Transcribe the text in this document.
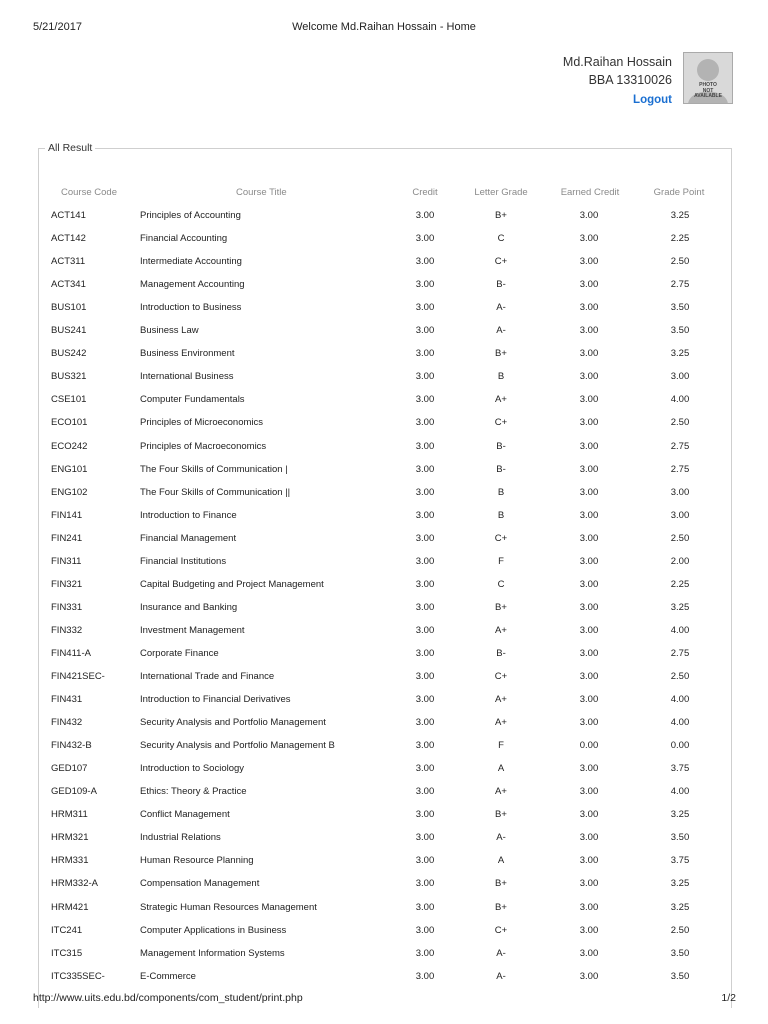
5/21/2017	Welcome Md.Raihan Hossain - Home
Md.Raihan Hossain
BBA 13310026
Logout
PHOTO
NOT
AVAILABLE
All Result
Course Code	Course Title	Credit	Letter Grade	Earned Credit	Grade Point
ACT141	Principles of Accounting	3.00	B+	3.00	3.25
ACT142	Financial Accounting	3.00	C	3.00	2.25
ACT311	Intermediate Accounting	3.00	C+	3.00	2.50
ACT341	Management Accounting	3.00	B-	3.00	2.75
BUS101	Introduction to Business	3.00	A-	3.00	3.50
BUS241	Business Law	3.00	A-	3.00	3.50
BUS242	Business Environment	3.00	B+	3.00	3.25
BUS321	International Business	3.00	B	3.00	3.00
CSE101	Computer Fundamentals	3.00	A+	3.00	4.00
ECO101	Principles of Microeconomics	3.00	C+	3.00	2.50
ECO242	Principles of Macroeconomics	3.00	B-	3.00	2.75
ENG101	The Four Skills of Communication |	3.00	B-	3.00	2.75
ENG102	The Four Skills of Communication ||	3.00	B	3.00	3.00
FIN141	Introduction to Finance	3.00	B	3.00	3.00
FIN241	Financial Management	3.00	C+	3.00	2.50
FIN311	Financial Institutions	3.00	F	3.00	2.00
FIN321	Capital Budgeting and Project Management	3.00	C	3.00	2.25
FIN331	Insurance and Banking	3.00	B+	3.00	3.25
FIN332	Investment Management	3.00	A+	3.00	4.00
FIN411-A	Corporate Finance	3.00	B-	3.00	2.75
FIN421SEC-	International Trade and Finance	3.00	C+	3.00	2.50
FIN431	Introduction to Financial Derivatives	3.00	A+	3.00	4.00
FIN432	Security Analysis and Portfolio Management	3.00	A+	3.00	4.00
FIN432-B	Security Analysis and Portfolio Management B	3.00	F	0.00	0.00
GED107	Introduction to Sociology	3.00	A	3.00	3.75
GED109-A	Ethics: Theory & Practice	3.00	A+	3.00	4.00
HRM311	Conflict Management	3.00	B+	3.00	3.25
HRM321	Industrial Relations	3.00	A-	3.00	3.50
HRM331	Human Resource Planning	3.00	A	3.00	3.75
HRM332-A	Compensation Management	3.00	B+	3.00	3.25
HRM421	Strategic Human Resources Management	3.00	B+	3.00	3.25
ITC241	Computer Applications in Business	3.00	C+	3.00	2.50
ITC315	Management Information Systems	3.00	A-	3.00	3.50
ITC335SEC-	E-Commerce	3.00	A-	3.00	3.50
http://www.uits.edu.bd/components/com_student/print.php	1/2
